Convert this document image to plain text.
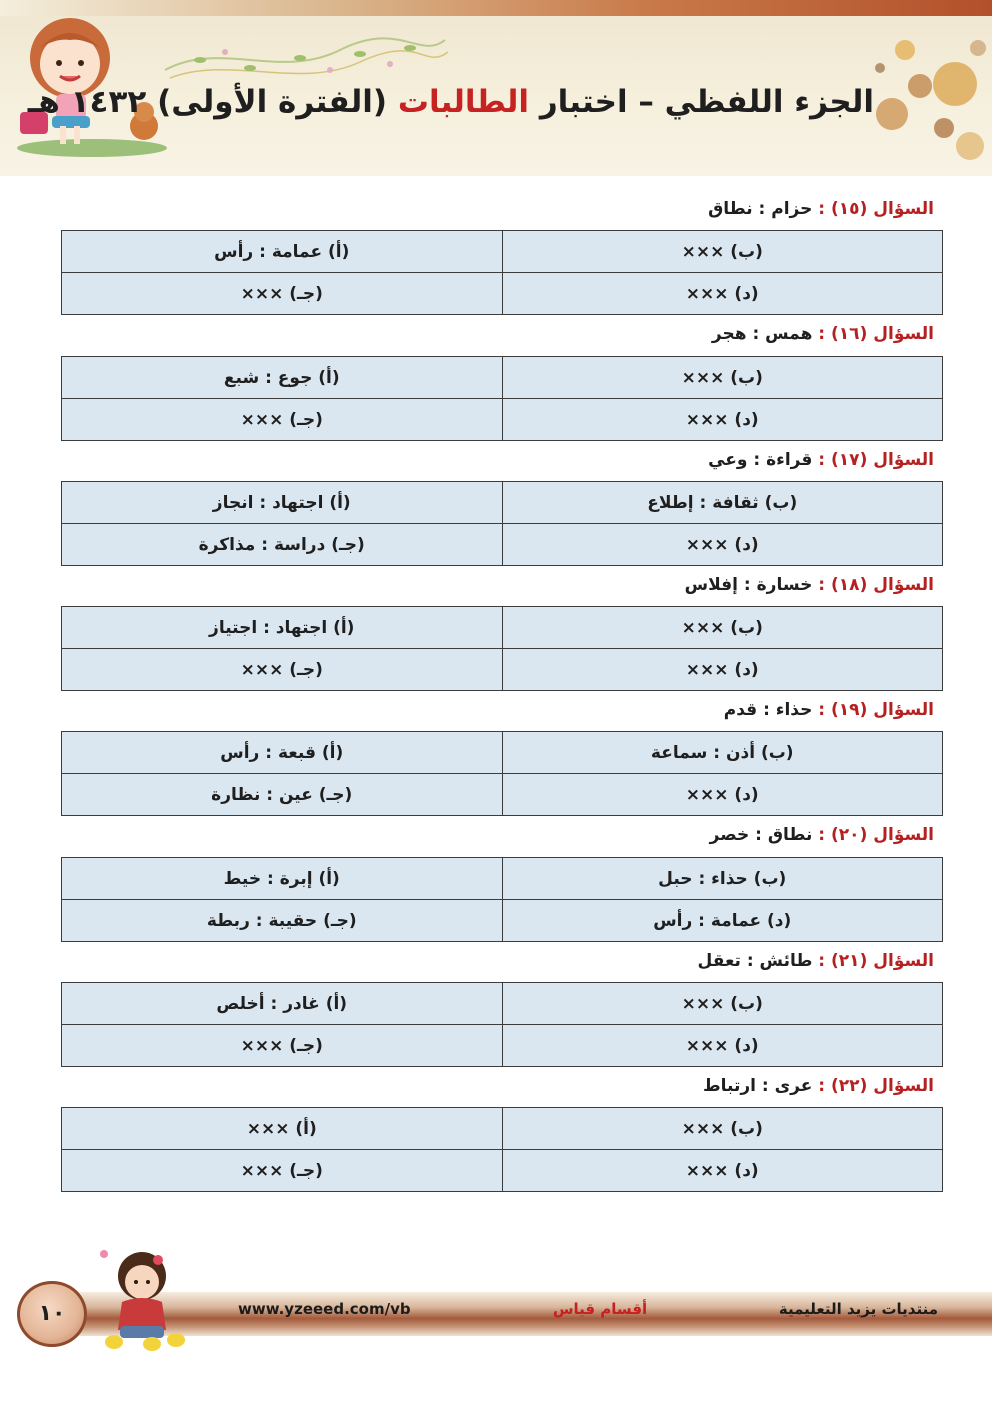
الجزء اللفظي – اختبار الطالبات (الفترة الأولى) ١٤٣٢ هـ
السؤال (١٥) : حزام : نطاق
(أ) عمامة : رأس	(ب) ×××
(جـ) ×××	(د) ×××
السؤال (١٦) : همس : هجر
(أ) جوع : شبع	(ب) ×××
(جـ) ×××	(د) ×××
السؤال (١٧) : قراءة : وعي
(أ) اجتهاد : انجاز	(ب) ثقافة : إطلاع
(جـ) دراسة : مذاكرة	(د) ×××
السؤال (١٨) : خسارة : إفلاس
(أ) اجتهاد : اجتياز	(ب) ×××
(جـ) ×××	(د) ×××
السؤال (١٩) : حذاء : قدم
(أ) قبعة : رأس	(ب) أذن : سماعة
(جـ) عين : نظارة	(د) ×××
السؤال (٢٠) : نطاق : خصر
(أ) إبرة : خيط	(ب) حذاء : حبل
(جـ) حقيبة : ربطة	(د) عمامة : رأس
السؤال (٢١) : طائش : تعقل
(أ) غادر : أخلص	(ب) ×××
(جـ) ×××	(د) ×××
السؤال (٢٢) : عرى : ارتباط
(أ) ×××	(ب) ×××
(جـ) ×××	(د) ×××
www.yzeeed.com/vb	أقسام قياس	منتديات يزيد التعليمية
١٠
